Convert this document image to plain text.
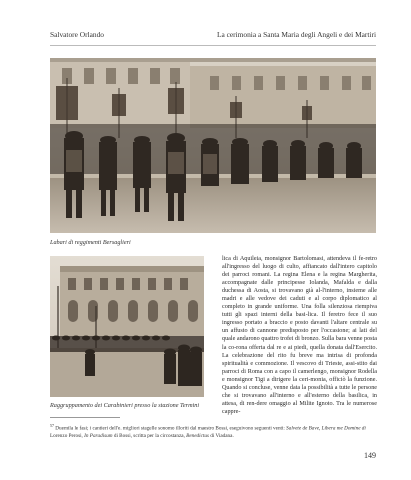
Salvatore Orlando	La cerimonia a Santa Maria degli Angeli e dei Martiri
Labari di reggimenti Bersaglieri
Raggruppamento dei Carabinieri presso la stazione Termini
lica di Aquileia, monsignor Bartolomasi, attendeva il fe-retro all'ingresso del luogo di culto, affiancato dall'intero capitolo dei parroci romani. La regina Elena e la regina Margherita, accompagnate dalle principesse Iolanda, Mafalda e dalla duchessa di Aosta, si trovavano già al-l'interno, insieme alle madri e alle vedove dei caduti e al corpo diplomatico al completo in grande uniforme. Una folla silenziosa riempiva tutti gli spazi interni della basi-lica. Il feretro fece il suo ingresso portato a braccio e posto davanti l'altare centrale su un affusto di cannone predisposto per l'occasione; ai lati del quale andarono quattro trofei di bronzo. Sulla bara venne posta la co-rona offerta dal re e ai piedi, quella donata dall'Esercito. La celebrazione del rito fu breve ma intrisa di profonda spiritualità e commozione. Il vescovo di Trieste, assi-stito dai parroci di Roma con a capo il camerlengo, monsignor Rodella e monsignor Tigi a dirigere la ceri-monia, officiò la funzione. Quando si concluse, venne data la possibilità a tutte le persone che si trovavano all'interno e all'esterno della basilica, in attesa, di ren-dere omaggio al Milite Ignoto. Tra le numerose cappre-
$^{57}$ Duemila le fasi; i cantieri dell'e. migliori stagelle sonomo illoriti dal maestro Bossi, eseguivono seguenti venti: Salvete de Bave, Libera me Domine di Lorenzo Perosi, In Paradisum di Bossi, scritta per la circostanza, Benedictus di Viadana.
149
